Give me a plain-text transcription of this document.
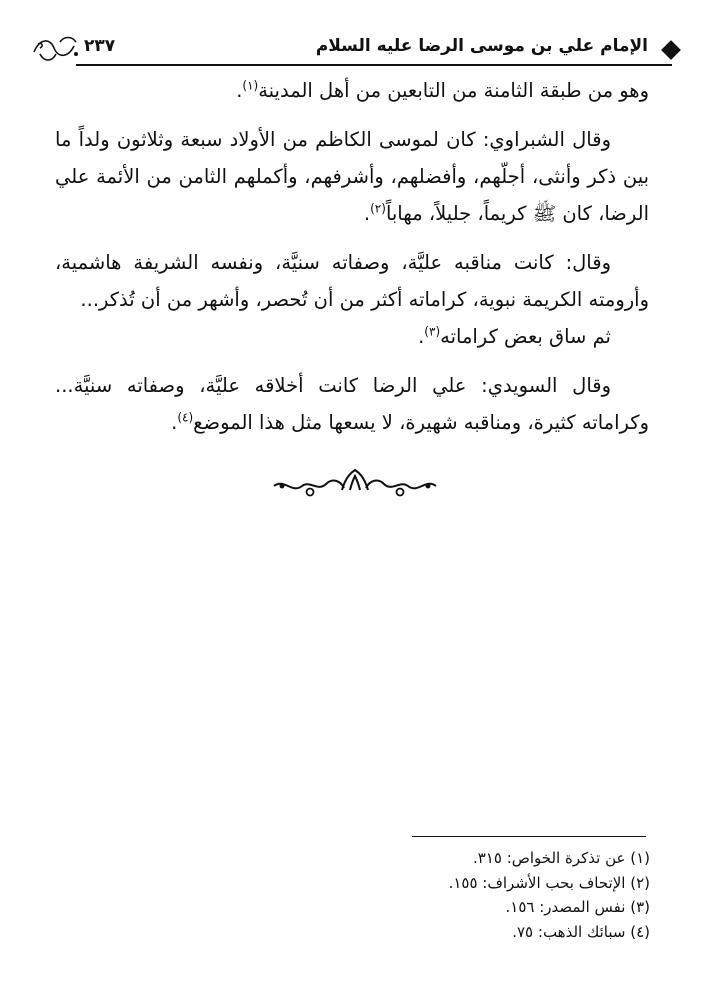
٢٣٧	الإمام علي بن موسى الرضا عليه السلام

وهو من طبقة الثامنة من التابعين من أهل المدينة$^{(١)}$.

وقال الشبراوي: كان لموسى الكاظم من الأولاد سبعة وثلاثون ولداً ما بين ذكر وأنثى، أجلّهم، وأفضلهم، وأشرفهم، وأكملهم الثامن من الأئمة علي الرضا، كان ﷺ كريماً، جليلاً، مهاباً$^{(٢)}$.

وقال: كانت مناقبه عليَّة، وصفاته سنيَّة، ونفسه الشريفة هاشمية، وأرومته الكريمة نبوية، كراماته أكثر من أن تُحصر، وأشهر من أن تُذكر...

ثم ساق بعض كراماته$^{(٣)}$.

وقال السويدي: علي الرضا كانت أخلاقه عليَّة، وصفاته سنيَّة... وكراماته كثيرة، ومناقبه شهيرة، لا يسعها مثل هذا الموضع$^{(٤)}$.

(١) عن تذكرة الخواص: ٣١٥.

(٢) الإتحاف بحب الأشراف: ١٥٥.

(٣) نفس المصدر: ١٥٦.

(٤) سبائك الذهب: ٧٥.
